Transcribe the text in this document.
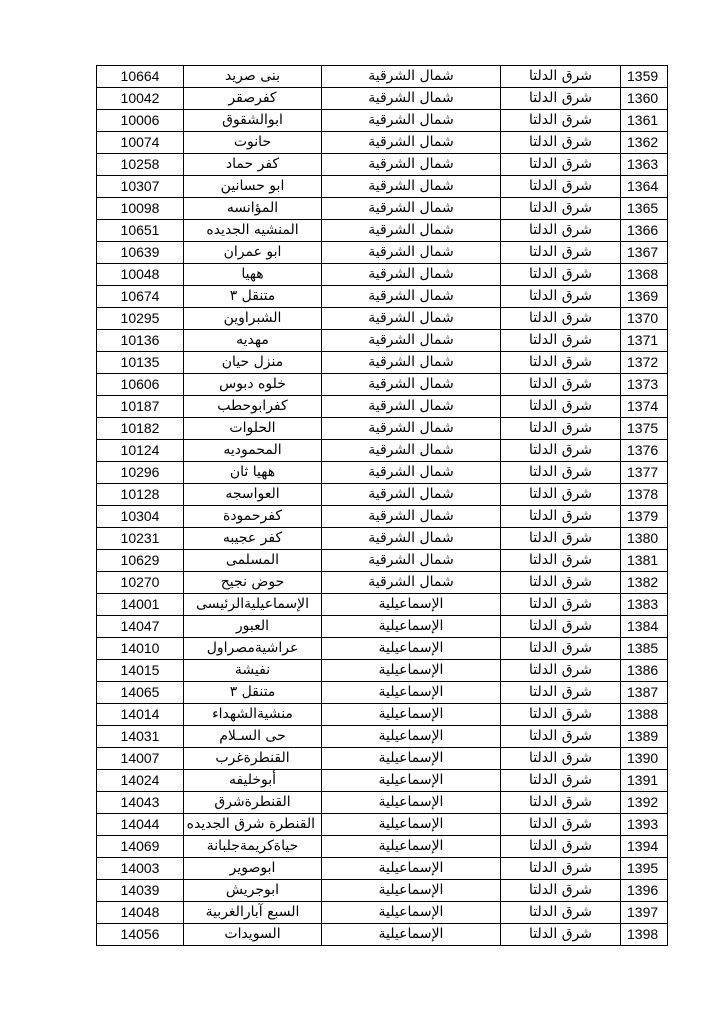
1359	شرق الدلتا	شمال الشرقية	بنى صريد	10664
1360	شرق الدلتا	شمال الشرقية	كفرصقر	10042
1361	شرق الدلتا	شمال الشرقية	ابوالشقوق	10006
1362	شرق الدلتا	شمال الشرقية	حانوت	10074
1363	شرق الدلتا	شمال الشرقية	كفر حماد	10258
1364	شرق الدلتا	شمال الشرقية	ابو حسانين	10307
1365	شرق الدلتا	شمال الشرقية	المؤانسه	10098
1366	شرق الدلتا	شمال الشرقية	المنشيه الجديده	10651
1367	شرق الدلتا	شمال الشرقية	ابو عمران	10639
1368	شرق الدلتا	شمال الشرقية	ههيا	10048
1369	شرق الدلتا	شمال الشرقية	متنقل ٣	10674
1370	شرق الدلتا	شمال الشرقية	الشبراوين	10295
1371	شرق الدلتا	شمال الشرقية	مهديه	10136
1372	شرق الدلتا	شمال الشرقية	منزل حيان	10135
1373	شرق الدلتا	شمال الشرقية	خلوه دبوس	10606
1374	شرق الدلتا	شمال الشرقية	كفرابوحطب	10187
1375	شرق الدلتا	شمال الشرقية	الحلوات	10182
1376	شرق الدلتا	شمال الشرقية	المحموديه	10124
1377	شرق الدلتا	شمال الشرقية	ههيا ثان	10296
1378	شرق الدلتا	شمال الشرقية	العواسجه	10128
1379	شرق الدلتا	شمال الشرقية	كفرحمودة	10304
1380	شرق الدلتا	شمال الشرقية	كفر عجيبه	10231
1381	شرق الدلتا	شمال الشرقية	المسلمى	10629
1382	شرق الدلتا	شمال الشرقية	حوض نجيح	10270
1383	شرق الدلتا	الإسماعيلية	الإسماعيليةالرئيسى	14001
1384	شرق الدلتا	الإسماعيلية	العبور	14047
1385	شرق الدلتا	الإسماعيلية	عراشيةمصراول	14010
1386	شرق الدلتا	الإسماعيلية	نفيشة	14015
1387	شرق الدلتا	الإسماعيلية	متنقل ٣	14065
1388	شرق الدلتا	الإسماعيلية	منشيةالشهداء	14014
1389	شرق الدلتا	الإسماعيلية	حى السـلام	14031
1390	شرق الدلتا	الإسماعيلية	القنطرةغرب	14007
1391	شرق الدلتا	الإسماعيلية	أبوخليفه	14024
1392	شرق الدلتا	الإسماعيلية	القنطرةشرق	14043
1393	شرق الدلتا	الإسماعيلية	القنطرة شرق الجديده	14044
1394	شرق الدلتا	الإسماعيلية	حياةكريمةجلبانة	14069
1395	شرق الدلتا	الإسماعيلية	ابوصوير	14003
1396	شرق الدلتا	الإسماعيلية	ابوجريش	14039
1397	شرق الدلتا	الإسماعيلية	السبع آبارالغربية	14048
1398	شرق الدلتا	الإسماعيلية	السويدات	14056
